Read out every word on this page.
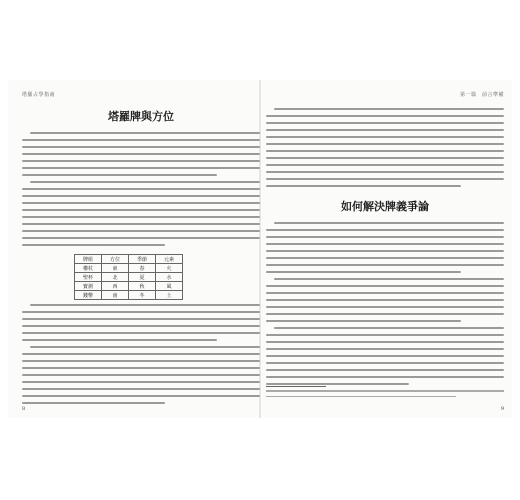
塔羅占學指南
塔羅牌與方位
牌組	方位	季節	元素
權杖	東	春	火
聖杯	北	夏	水
寶劍	西	秋	風
錢幣	南	冬	土
8
第一篇　前言準備
如何解決牌義爭論
9
